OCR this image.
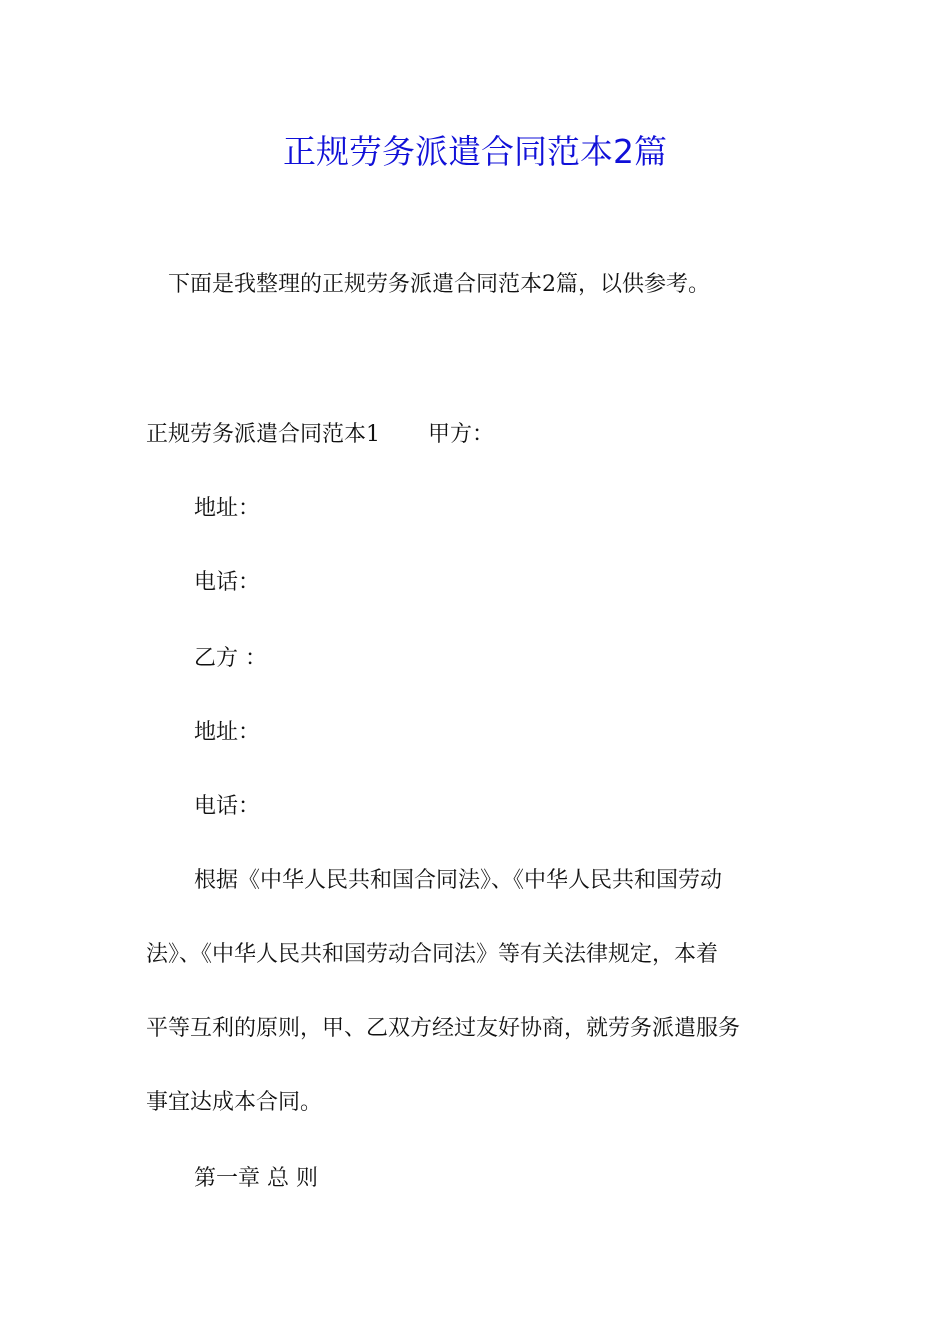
正规劳务派遣合同范本2篇

下面是我整理的正规劳务派遣合同范本2篇，以供参考。

正规劳务派遣合同范本1 甲方：

地址：

电话：

乙方 ：

地址：

电话：

根据《中华人民共和国合同法》、《中华人民共和国劳动
法》、《中华人民共和国劳动合同法》等有关法律规定，本着
平等互利的原则，甲、乙双方经过友好协商，就劳务派遣服务
事宜达成本合同。

第一章 总 则
